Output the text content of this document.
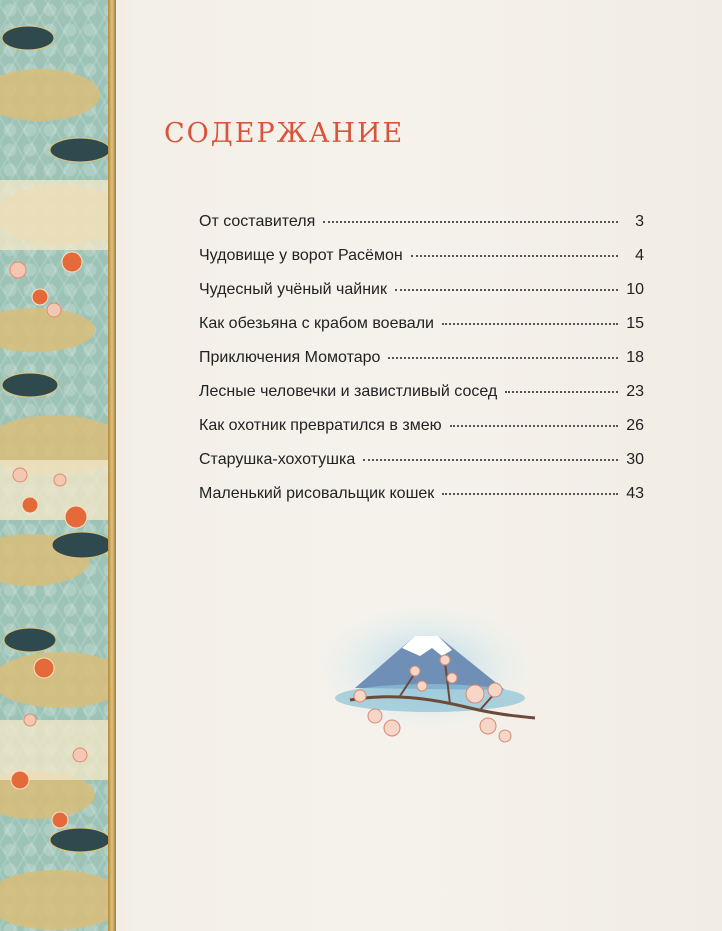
СОДЕРЖАНИЕ
От составителя	3
Чудовище у ворот Расёмон	4
Чудесный учёный чайник	10
Как обезьяна с крабом воевали	15
Приключения Момотаро	18
Лесные человечки и завистливый сосед	23
Как охотник превратился в змею	26
Старушка-хохотушка	30
Маленький рисовальщик кошек	43
